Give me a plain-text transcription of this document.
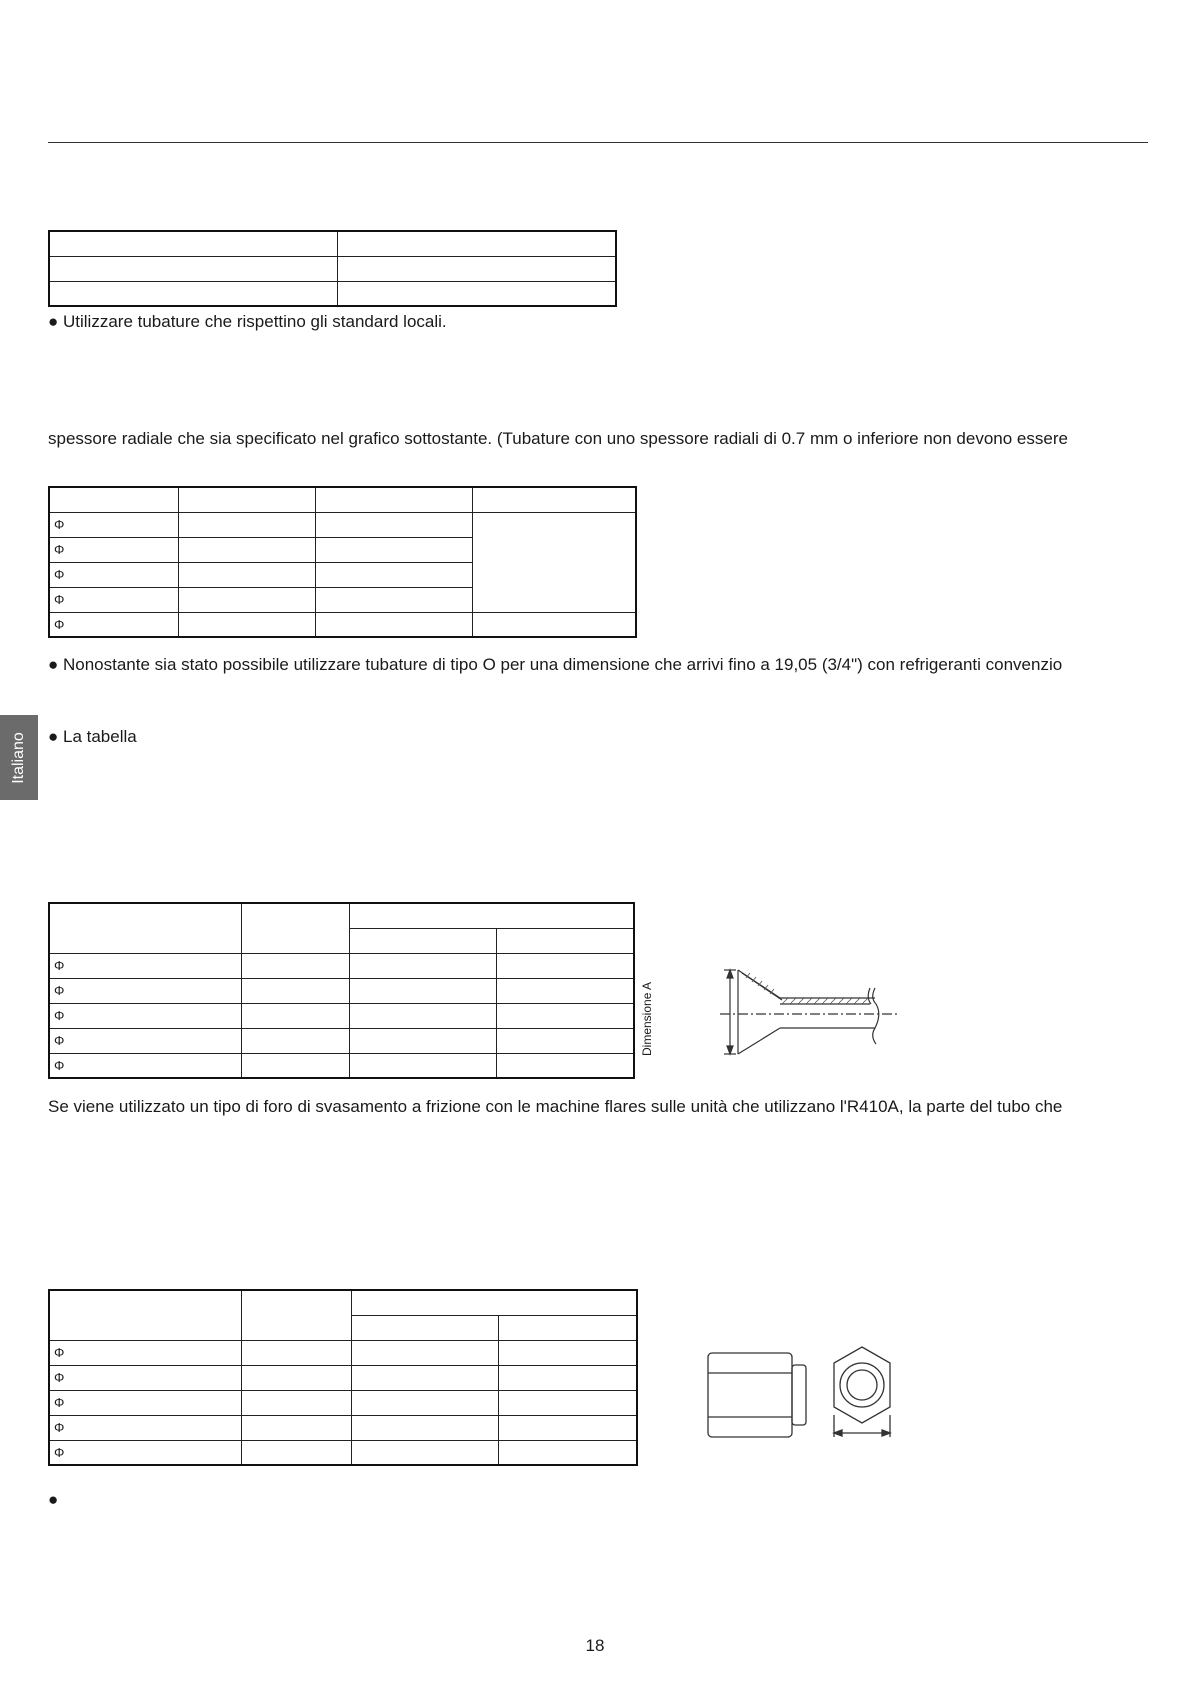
● Utilizzare tubature che rispettino gli standard locali.
spessore radiale che sia specificato nel grafico sottostante. (Tubature con uno spessore radiali di 0.7 mm o inferiore non devono essere

Φ			
Φ			
Φ			
Φ			
Φ			
● Nonostante sia stato possibile utilizzare tubature di tipo O per una dimensione che arrivi fino a 19,05 (3/4") con refrigeranti convenzio
Italiano ● La tabella

Φ			
Φ			
Φ			
Φ			
Φ			
Dimensione A
Se viene utilizzato un tipo di foro di svasamento a frizione con le machine flares sulle unità che utilizzano l'R410A, la parte del tubo che

Φ			
Φ			
Φ			
Φ			
Φ			
●
18
